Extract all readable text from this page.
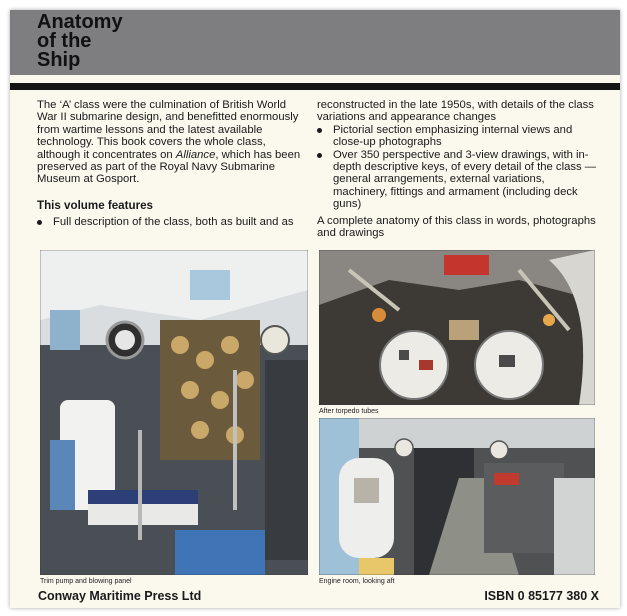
Anatomy
of the
Ship

The ‘A’ class were the culmination of British World War II submarine design, and benefitted enormously from wartime lessons and the latest available technology. This book covers the whole class, although it concentrates on Alliance, which has been preserved as part of the Royal Navy Submarine Museum at Gosport.

This volume features
Full description of the class, both as built and as

reconstructed in the late 1950s, with details of the class variations and appearance changes

Pictorial section emphasizing internal views and close-up photographs
Over 350 perspective and 3-view drawings, with in-depth descriptive keys, of every detail of the class — general arrangements, external variations, machinery, fittings and armament (including deck guns)

A complete anatomy of this class in words, photographs and drawings

Trim pump and blowing panel
After torpedo tubes
Engine room, looking aft
Conway Maritime Press Ltd	ISBN 0 85177 380 X
